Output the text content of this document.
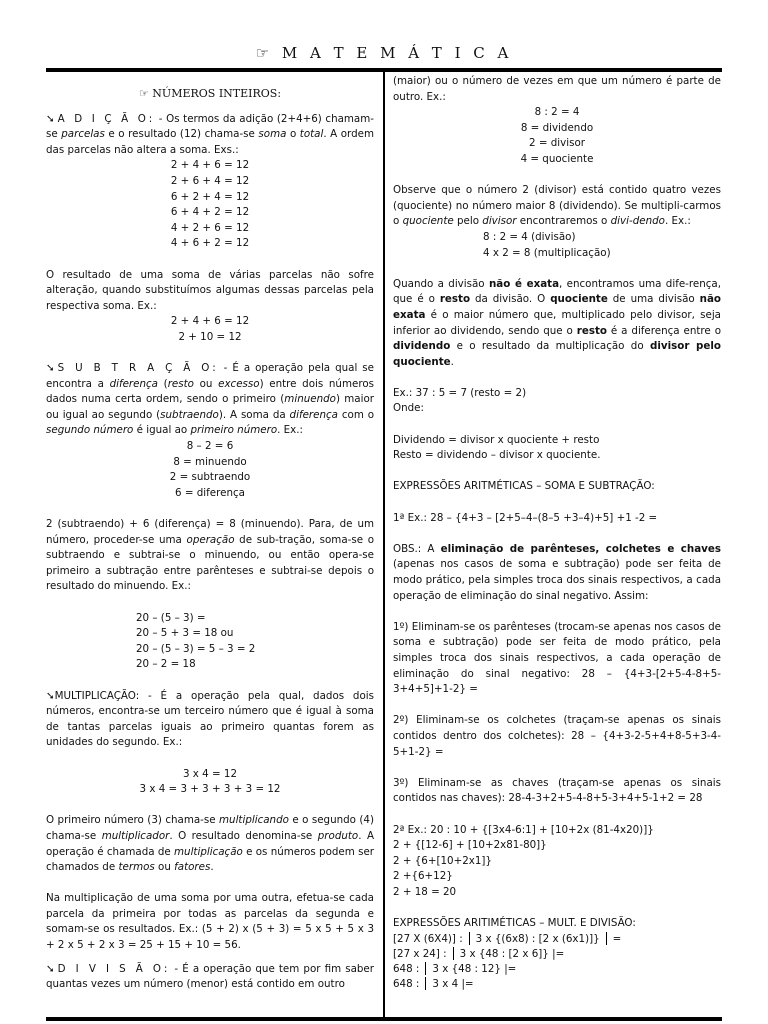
☞ M A T E M Á T I C A
☞ NÚMEROS INTEIROS:

➘A D I Ç Ã O: - Os termos da adição (2+4+6) chamam-se parcelas e o resultado (12) chama-se soma o total. A ordem das parcelas não altera a soma. Exs.:

2 + 4 + 6 = 12
2 + 6 + 4 = 12
6 + 2 + 4 = 12
6 + 4 + 2 = 12
4 + 2 + 6 = 12
4 + 6 + 2 = 12

O resultado de uma soma de várias parcelas não sofre alteração, quando substituímos algumas dessas parcelas pela respectiva soma. Ex.:

2 + 4 + 6 = 12
2 + 10 = 12

➘S U B T R A Ç Ã O: - É a operação pela qual se encontra a diferença (resto ou excesso) entre dois números dados numa certa ordem, sendo o primeiro (minuendo) maior ou igual ao segundo (subtraendo). A soma da diferença com o segundo número é igual ao primeiro número. Ex.:

8 – 2 = 6
8 = minuendo
2 = subtraendo
6 = diferença

2 (subtraendo) + 6 (diferença) = 8 (minuendo). Para, de um número, proceder-se uma operação de sub-tração, soma-se o subtraendo e subtrai-se o minuendo, ou então opera-se primeiro a subtração entre parênteses e subtrai-se depois o resultado do minuendo. Ex.:

20 – (5 – 3) =
20 – 5 + 3 = 18 ou
20 – (5 – 3) = 5 – 3 = 2
20 – 2 = 18

➘MULTIPLICAÇÃO: - É a operação pela qual, dados dois números, encontra-se um terceiro número que é igual à soma de tantas parcelas iguais ao primeiro quantas forem as unidades do segundo. Ex.:

3 x 4 = 12
3 x 4 = 3 + 3 + 3 + 3 = 12

O primeiro número (3) chama-se multiplicando e o segundo (4) chama-se multiplicador. O resultado denomina-se produto. A operação é chamada de multiplicação e os números podem ser chamados de termos ou fatores.

Na multiplicação de uma soma por uma outra, efetua-se cada parcela da primeira por todas as parcelas da segunda e somam-se os resultados. Ex.: (5 + 2) x (5 + 3) = 5 x 5 + 5 x 3 + 2 x 5 + 2 x 3 = 25 + 15 + 10 = 56.

➘D I V I S Ã O: - É a operação que tem por fim saber quantas vezes um número (menor) está contido em outro

(maior) ou o número de vezes em que um número é parte de outro. Ex.:

8 : 2 = 4
8 = dividendo
2 = divisor
4 = quociente

Observe que o número 2 (divisor) está contido quatro vezes (quociente) no número maior 8 (dividendo). Se multipli-carmos o quociente pelo divisor encontraremos o divi-dendo. Ex.:

8 : 2 = 4 (divisão)
4 x 2 = 8 (multiplicação)

Quando a divisão não é exata, encontramos uma dife-rença, que é o resto da divisão. O quociente de uma divisão não exata é o maior número que, multiplicado pelo divisor, seja inferior ao dividendo, sendo que o resto é a diferença entre o dividendo e o resultado da multiplicação do divisor pelo quociente.

Ex.: 37 : 5 = 7 (resto = 2)

Onde:

Dividendo = divisor x quociente + resto

Resto = dividendo – divisor x quociente.

EXPRESSÕES ARITMÉTICAS – SOMA E SUBTRAÇÃO:

1ª Ex.: 28 – {4+3 – [2+5–4–(8–5 +3–4)+5] +1 -2 =

OBS.: A eliminação de parênteses, colchetes e chaves (apenas nos casos de soma e subtração) pode ser feita de modo prático, pela simples troca dos sinais respectivos, a cada operação de eliminação do sinal negativo. Assim:

1º) Eliminam-se os parênteses (trocam-se apenas nos casos de soma e subtração) pode ser feita de modo prático, pela simples troca dos sinais respectivos, a cada operação de eliminação do sinal negativo: 28 – {4+3-[2+5-4-8+5-3+4+5]+1-2} =

2º) Eliminam-se os colchetes (traçam-se apenas os sinais contidos dentro dos colchetes): 28 – {4+3-2-5+4+8-5+3-4-5+1-2} =

3º) Eliminam-se as chaves (traçam-se apenas os sinais contidos nas chaves): 28-4-3+2+5-4-8+5-3+4+5-1+2 = 28

2ª Ex.: 20 : 10 + {[3x4-6:1] + [10+2x (81-4x20)]}
2 + {[12-6] + [10+2x81-80]}
2 + {6+[10+2x1]}
2 +{6+12}
2 + 18 = 20

EXPRESSÕES ARITIMÉTICAS – MULT. E DIVISÃO:

[27 X (6X4)] : 3 x {(6x8) : [2 x (6x1)]} =
[27 x 24] : 3 x {48 : [2 x 6]} |=
648 : 3 x {48 : 12} |=
648 : 3 x 4 |=
